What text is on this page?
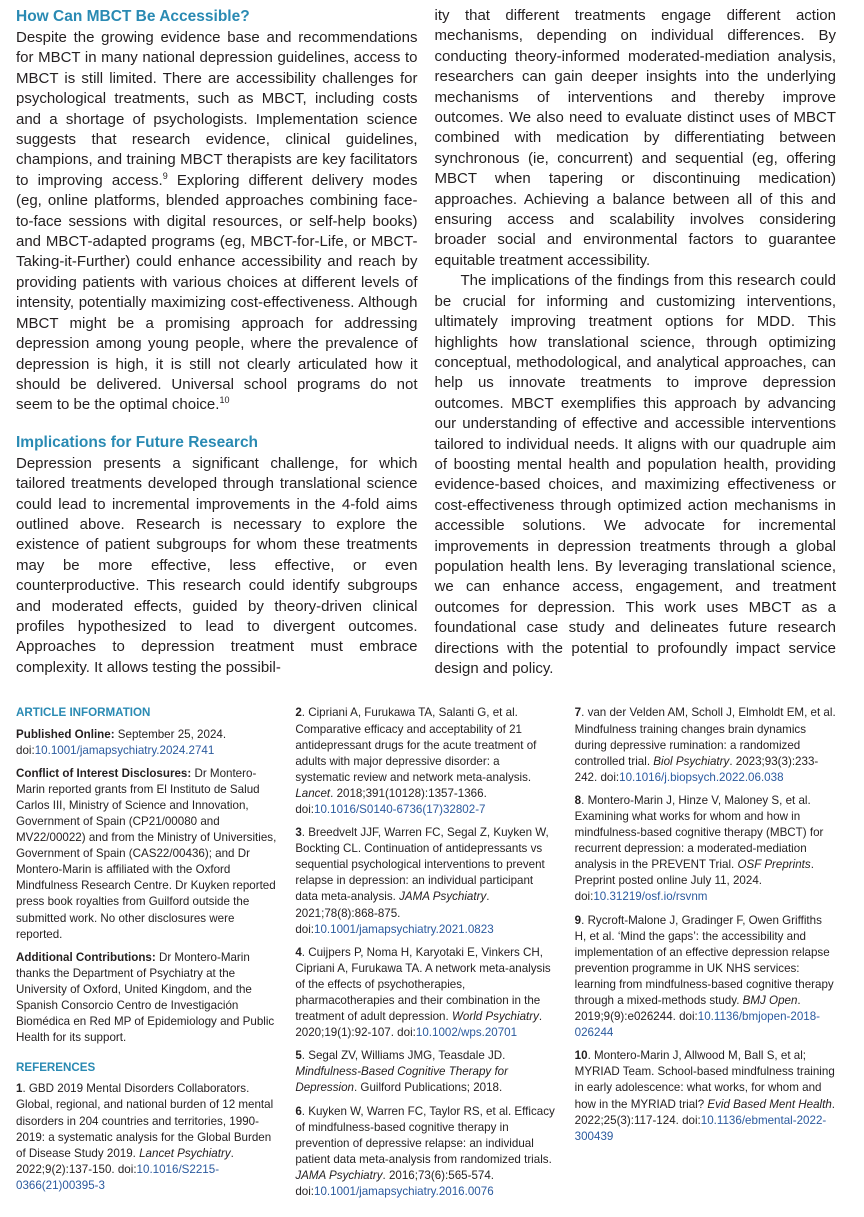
How Can MBCT Be Accessible?

Despite the growing evidence base and recommendations for MBCT in many national depression guidelines, access to MBCT is still limited. There are accessibility challenges for psychological treatments, such as MBCT, including costs and a shortage of psychologists. Implementation science suggests that research evidence, clinical guidelines, champions, and training MBCT therapists are key facilitators to improving access.$^9$ Exploring different delivery modes (eg, online platforms, blended approaches combining face-to-face sessions with digital resources, or self-help books) and MBCT-adapted programs (eg, MBCT-for-Life, or MBCT-Taking-it-Further) could enhance accessibility and reach by providing patients with various choices at different levels of intensity, potentially maximizing cost-effectiveness. Although MBCT might be a promising approach for addressing depression among young people, where the prevalence of depression is high, it is still not clearly articulated how it should be delivered. Universal school programs do not seem to be the optimal choice.$^{10}$

Implications for Future Research

Depression presents a significant challenge, for which tailored treatments developed through translational science could lead to incremental improvements in the 4-fold aims outlined above. Research is necessary to explore the existence of patient subgroups for whom these treatments may be more effective, less effective, or even counterproductive. This research could identify subgroups and moderated effects, guided by theory-driven clinical profiles hypothesized to lead to divergent outcomes. Approaches to depression treatment must embrace complexity. It allows testing the possibil-

ity that different treatments engage different action mechanisms, depending on individual differences. By conducting theory-informed moderated-mediation analysis, researchers can gain deeper insights into the underlying mechanisms of interventions and thereby improve outcomes. We also need to evaluate distinct uses of MBCT combined with medication by differentiating between synchronous (ie, concurrent) and sequential (eg, offering MBCT when tapering or discontinuing medication) approaches. Achieving a balance between all of this and ensuring access and scalability involves considering broader social and environmental factors to guarantee equitable treatment accessibility.

The implications of the findings from this research could be crucial for informing and customizing interventions, ultimately improving treatment options for MDD. This highlights how translational science, through optimizing conceptual, methodological, and analytical approaches, can help us innovate treatments to improve depression outcomes. MBCT exemplifies this approach by advancing our understanding of effective and accessible interventions tailored to individual needs. It aligns with our quadruple aim of boosting mental health and population health, providing evidence-based choices, and maximizing effectiveness or cost-effectiveness through optimized action mechanisms in accessible solutions. We advocate for incremental improvements in depression treatments through a global population health lens. By leveraging translational science, we can enhance access, engagement, and treatment outcomes for depression. This work uses MBCT as a foundational case study and delineates future research directions with the potential to profoundly impact service design and policy.

ARTICLE INFORMATION

Published Online: September 25, 2024.
doi:10.1001/jamapsychiatry.2024.2741

Conflict of Interest Disclosures: Dr Montero-Marin reported grants from El Instituto de Salud Carlos III, Ministry of Science and Innovation, Government of Spain (CP21/00080 and MV22/00022) and from the Ministry of Universities, Government of Spain (CAS22/00436); and Dr Montero-Marin is affiliated with the Oxford Mindfulness Research Centre. Dr Kuyken reported press book royalties from Guilford outside the submitted work. No other disclosures were reported.

Additional Contributions: Dr Montero-Marin thanks the Department of Psychiatry at the University of Oxford, United Kingdom, and the Spanish Consorcio Centro de Investigación Biomédica en Red MP of Epidemiology and Public Health for its support.

REFERENCES

1. GBD 2019 Mental Disorders Collaborators. Global, regional, and national burden of 12 mental disorders in 204 countries and territories, 1990-2019: a systematic analysis for the Global Burden of Disease Study 2019. Lancet Psychiatry. 2022;9(2):137-150. doi:10.1016/S2215-0366(21)00395-3

2. Cipriani A, Furukawa TA, Salanti G, et al. Comparative efficacy and acceptability of 21 antidepressant drugs for the acute treatment of adults with major depressive disorder: a systematic review and network meta-analysis. Lancet. 2018;391(10128):1357-1366. doi:10.1016/S0140-6736(17)32802-7

3. Breedvelt JJF, Warren FC, Segal Z, Kuyken W, Bockting CL. Continuation of antidepressants vs sequential psychological interventions to prevent relapse in depression: an individual participant data meta-analysis. JAMA Psychiatry. 2021;78(8):868-875. doi:10.1001/jamapsychiatry.2021.0823

4. Cuijpers P, Noma H, Karyotaki E, Vinkers CH, Cipriani A, Furukawa TA. A network meta-analysis of the effects of psychotherapies, pharmacotherapies and their combination in the treatment of adult depression. World Psychiatry. 2020;19(1):92-107. doi:10.1002/wps.20701

5. Segal ZV, Williams JMG, Teasdale JD. Mindfulness-Based Cognitive Therapy for Depression. Guilford Publications; 2018.

6. Kuyken W, Warren FC, Taylor RS, et al. Efficacy of mindfulness-based cognitive therapy in prevention of depressive relapse: an individual patient data meta-analysis from randomized trials. JAMA Psychiatry. 2016;73(6):565-574. doi:10.1001/jamapsychiatry.2016.0076

7. van der Velden AM, Scholl J, Elmholdt EM, et al. Mindfulness training changes brain dynamics during depressive rumination: a randomized controlled trial. Biol Psychiatry. 2023;93(3):233-242. doi:10.1016/j.biopsych.2022.06.038

8. Montero-Marin J, Hinze V, Maloney S, et al. Examining what works for whom and how in mindfulness-based cognitive therapy (MBCT) for recurrent depression: a moderated-mediation analysis in the PREVENT Trial. OSF Preprints. Preprint posted online July 11, 2024. doi:10.31219/osf.io/rsvnm

9. Rycroft-Malone J, Gradinger F, Owen Griffiths H, et al. ‘Mind the gaps’: the accessibility and implementation of an effective depression relapse prevention programme in UK NHS services: learning from mindfulness-based cognitive therapy through a mixed-methods study. BMJ Open. 2019;9(9):e026244. doi:10.1136/bmjopen-2018-026244

10. Montero-Marin J, Allwood M, Ball S, et al; MYRIAD Team. School-based mindfulness training in early adolescence: what works, for whom and how in the MYRIAD trial? Evid Based Ment Health. 2022;25(3):117-124. doi:10.1136/ebmental-2022-300439
